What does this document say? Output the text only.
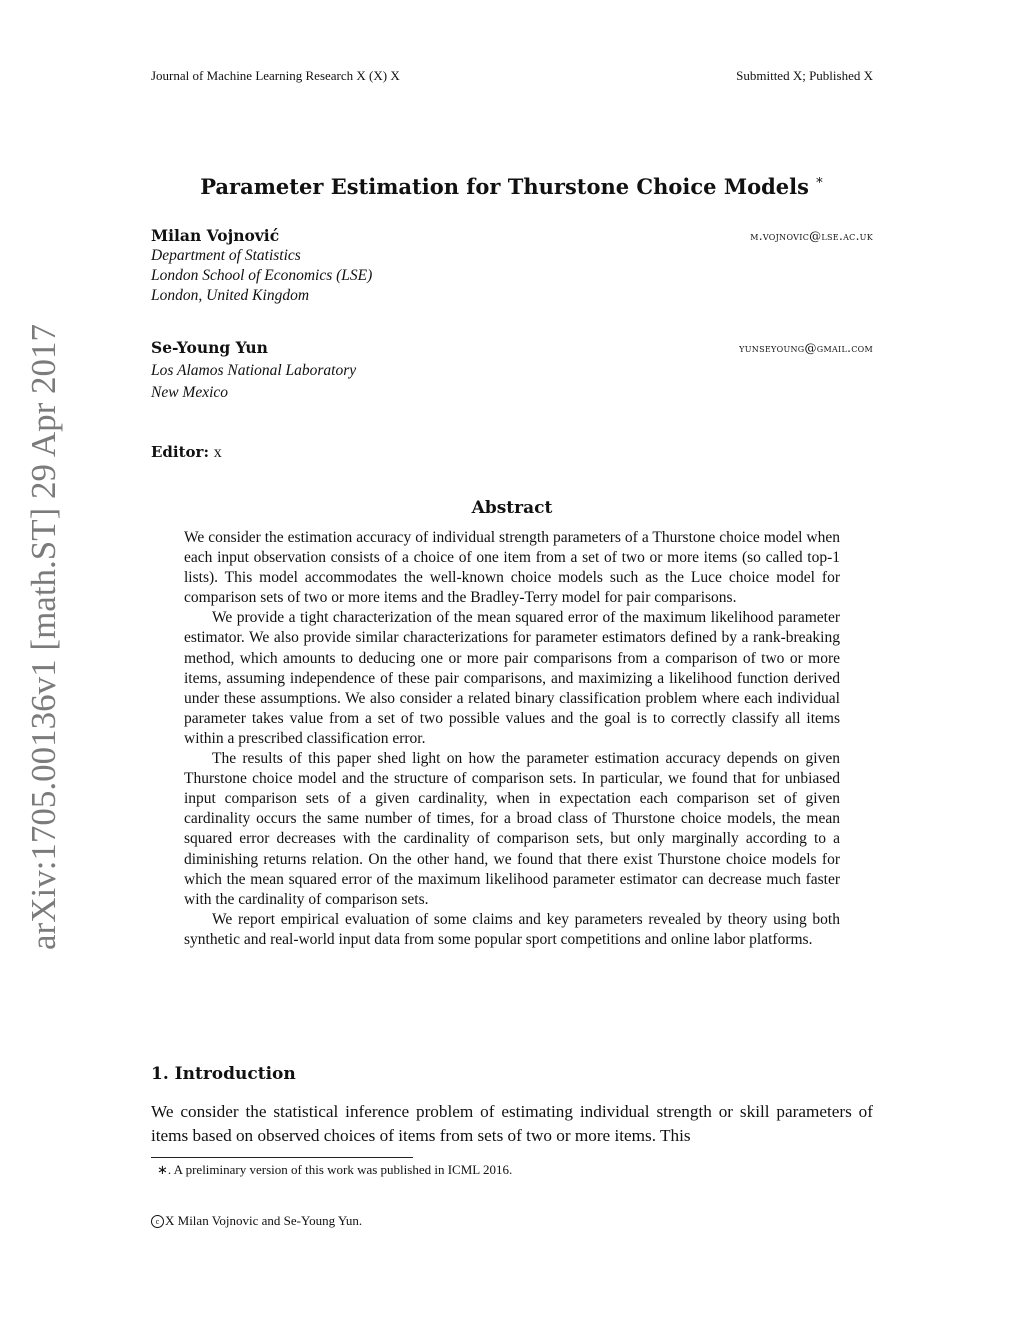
Journal of Machine Learning Research X (X) X	Submitted X; Published X
arXiv:1705.00136v1 [math.ST] 29 Apr 2017
Parameter Estimation for Thurstone Choice Models ∗
Milan Vojnović	m.vojnovic@lse.ac.uk
Department of Statistics
London School of Economics (LSE)
London, United Kingdom
Se-Young Yun	yunseyoung@gmail.com
Los Alamos National Laboratory
New Mexico
Editor: x
Abstract

We consider the estimation accuracy of individual strength parameters of a Thurstone choice model when each input observation consists of a choice of one item from a set of two or more items (so called top-1 lists). This model accommodates the well-known choice models such as the Luce choice model for comparison sets of two or more items and the Bradley-Terry model for pair comparisons.

We provide a tight characterization of the mean squared error of the maximum likelihood parameter estimator. We also provide similar characterizations for parameter estimators defined by a rank-breaking method, which amounts to deducing one or more pair comparisons from a comparison of two or more items, assuming independence of these pair comparisons, and maximizing a likelihood function derived under these assumptions. We also consider a related binary classification problem where each individual parameter takes value from a set of two possible values and the goal is to correctly classify all items within a prescribed classification error.

The results of this paper shed light on how the parameter estimation accuracy depends on given Thurstone choice model and the structure of comparison sets. In particular, we found that for unbiased input comparison sets of a given cardinality, when in expectation each comparison set of given cardinality occurs the same number of times, for a broad class of Thurstone choice models, the mean squared error decreases with the cardinality of comparison sets, but only marginally according to a diminishing returns relation. On the other hand, we found that there exist Thurstone choice models for which the mean squared error of the maximum likelihood parameter estimator can decrease much faster with the cardinality of comparison sets.

We report empirical evaluation of some claims and key parameters revealed by theory using both synthetic and real-world input data from some popular sport competitions and online labor platforms.

1. Introduction

We consider the statistical inference problem of estimating individual strength or skill parameters of items based on observed choices of items from sets of two or more items. This

∗. A preliminary version of this work was published in ICML 2016.
c X Milan Vojnovic and Se-Young Yun.
